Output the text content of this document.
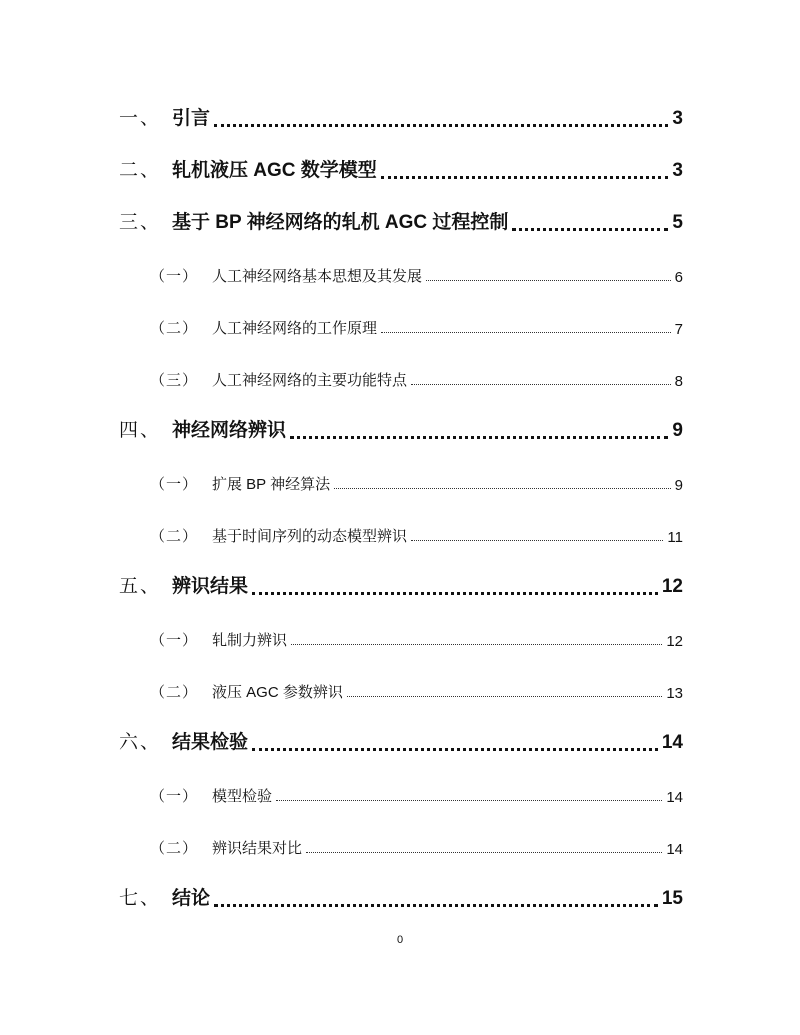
一、 引言	3
二、 轧机液压 AGC 数学模型	3
三、 基于 BP 神经网络的轧机 AGC 过程控制	5
（一） 人工神经网络基本思想及其发展	6
（二） 人工神经网络的工作原理	7
（三） 人工神经网络的主要功能特点	8
四、 神经网络辨识	9
（一） 扩展 BP 神经算法	9
（二） 基于时间序列的动态模型辨识	11
五、 辨识结果	12
（一） 轧制力辨识	12
（二） 液压 AGC 参数辨识	13
六、 结果检验	14
（一） 模型检验	14
（二） 辨识结果对比	14
七、 结论	15
0
